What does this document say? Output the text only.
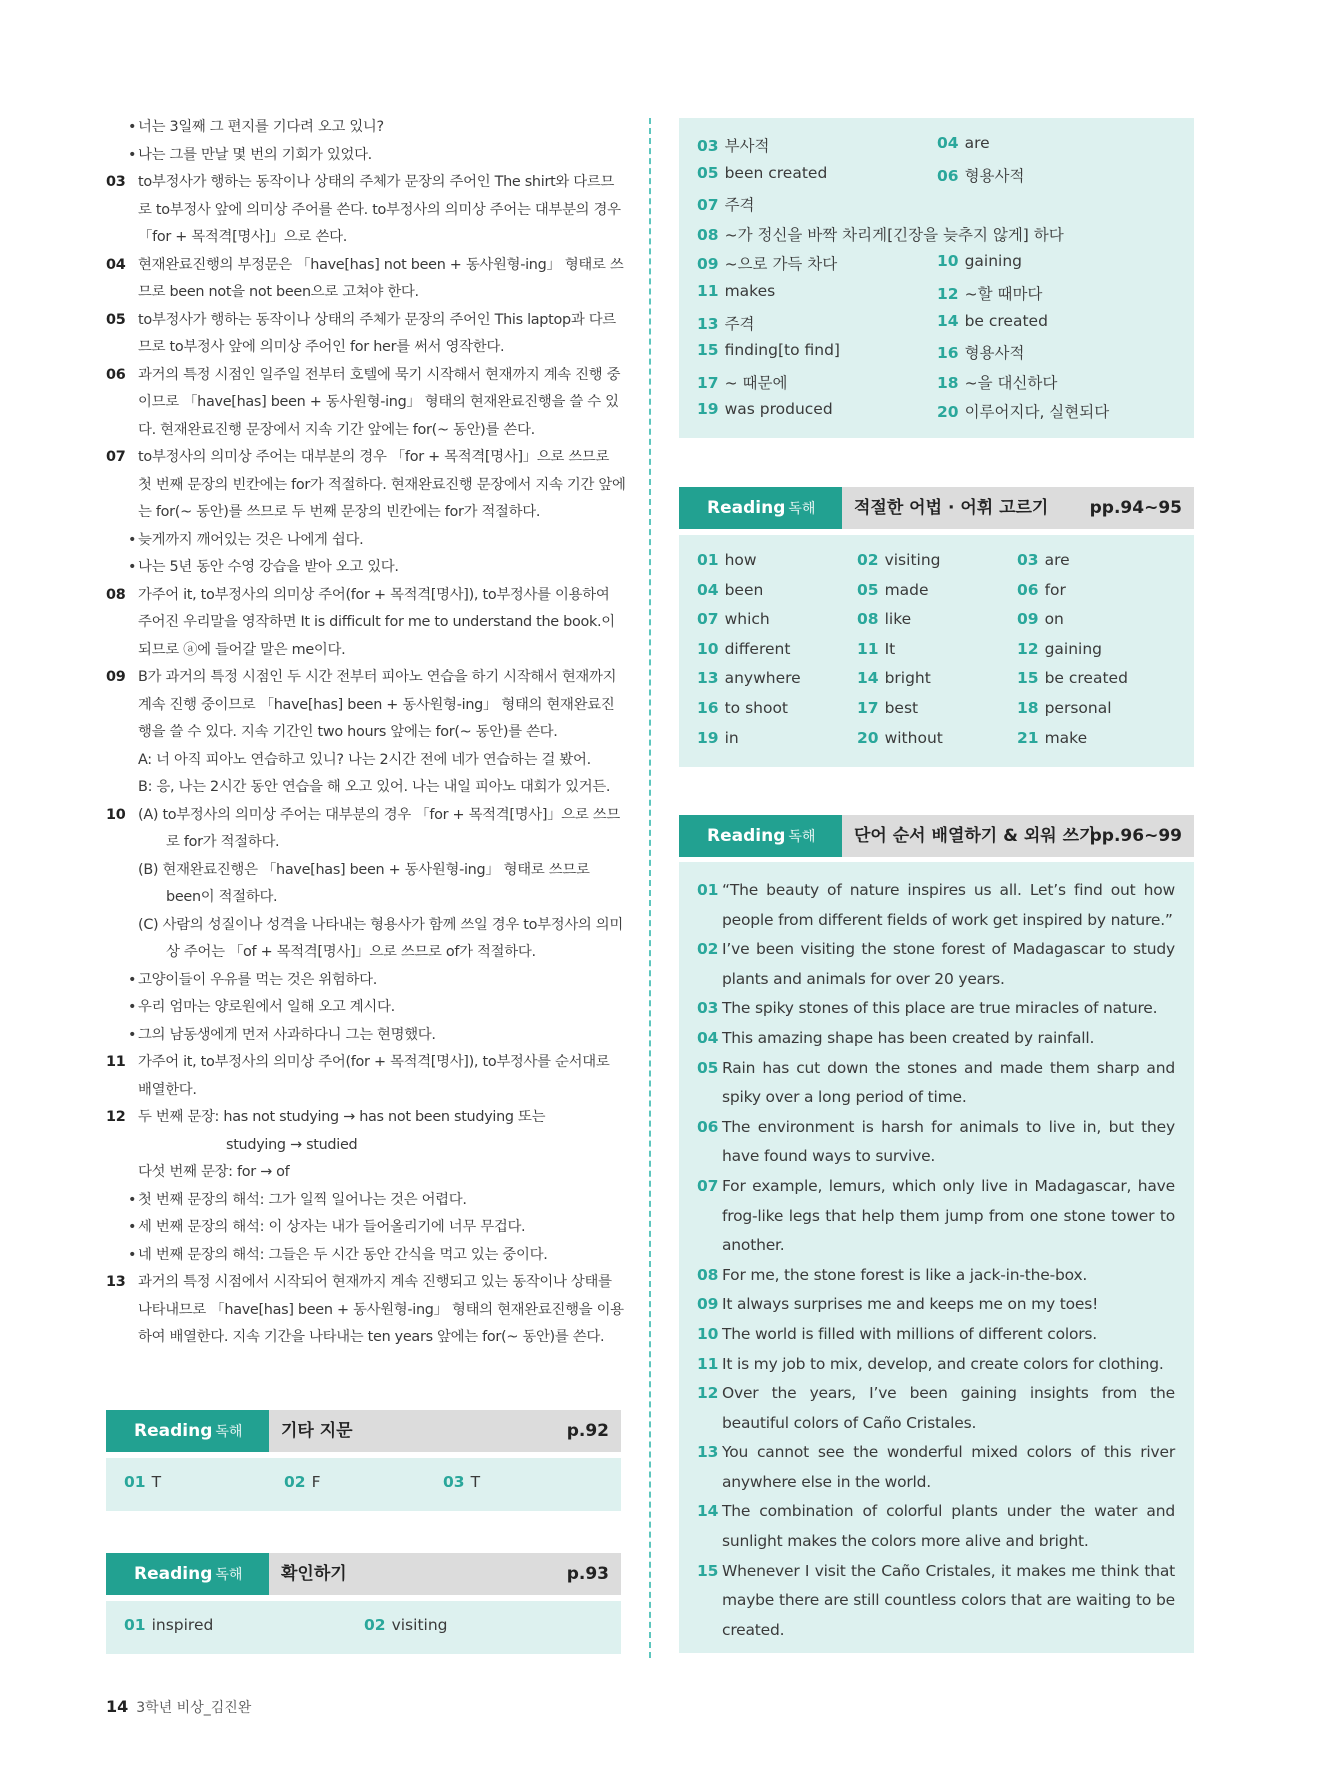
• 너는 3일째 그 편지를 기다려 오고 있니?
• 나는 그를 만날 몇 번의 기회가 있었다.
03 to부정사가 행하는 동작이나 상태의 주체가 문장의 주어인 The shirt와 다르므로 to부정사 앞에 의미상 주어를 쓴다. to부정사의 의미상 주어는 대부분의 경우 「for + 목적격[명사]」으로 쓴다.

04 현재완료진행의 부정문은 「have[has] not been + 동사원형-ing」 형태로 쓰므로 been not을 not been으로 고쳐야 한다.

05 to부정사가 행하는 동작이나 상태의 주체가 문장의 주어인 This laptop과 다르므로 to부정사 앞에 의미상 주어인 for her를 써서 영작한다.

06 과거의 특정 시점인 일주일 전부터 호텔에 묵기 시작해서 현재까지 계속 진행 중이므로 「have[has] been + 동사원형-ing」 형태의 현재완료진행을 쓸 수 있다. 현재완료진행 문장에서 지속 기간 앞에는 for(~ 동안)를 쓴다.

07 to부정사의 의미상 주어는 대부분의 경우 「for + 목적격[명사]」으로 쓰므로 첫 번째 문장의 빈칸에는 for가 적절하다. 현재완료진행 문장에서 지속 기간 앞에는 for(~ 동안)를 쓰므로 두 번째 문장의 빈칸에는 for가 적절하다.

• 늦게까지 깨어있는 것은 나에게 쉽다.
• 나는 5년 동안 수영 강습을 받아 오고 있다.
08 가주어 it, to부정사의 의미상 주어(for + 목적격[명사]), to부정사를 이용하여 주어진 우리말을 영작하면 It is difficult for me to understand the book.이 되므로 ⓐ에 들어갈 말은 me이다.

09 B가 과거의 특정 시점인 두 시간 전부터 피아노 연습을 하기 시작해서 현재까지 계속 진행 중이므로 「have[has] been + 동사원형-ing」 형태의 현재완료진행을 쓸 수 있다. 지속 기간인 two hours 앞에는 for(~ 동안)를 쓴다.

A: 너 아직 피아노 연습하고 있니? 나는 2시간 전에 네가 연습하는 걸 봤어.

B: 응, 나는 2시간 동안 연습을 해 오고 있어. 나는 내일 피아노 대회가 있거든.

10 (A) to부정사의 의미상 주어는 대부분의 경우 「for + 목적격[명사]」으로 쓰므로 for가 적절하다.

(B) 현재완료진행은 「have[has] been + 동사원형-ing」 형태로 쓰므로 been이 적절하다.

(C) 사람의 성질이나 성격을 나타내는 형용사가 함께 쓰일 경우 to부정사의 의미상 주어는 「of + 목적격[명사]」으로 쓰므로 of가 적절하다.

• 고양이들이 우유를 먹는 것은 위험하다.
• 우리 엄마는 양로원에서 일해 오고 계시다.
• 그의 남동생에게 먼저 사과하다니 그는 현명했다.
11 가주어 it, to부정사의 의미상 주어(for + 목적격[명사]), to부정사를 순서대로 배열한다.

12 두 번째 문장: has not studying → has not been studying 또는

studying → studied

다섯 번째 문장: for → of

• 첫 번째 문장의 해석: 그가 일찍 일어나는 것은 어렵다.
• 세 번째 문장의 해석: 이 상자는 내가 들어올리기에 너무 무겁다.
• 네 번째 문장의 해석: 그들은 두 시간 동안 간식을 먹고 있는 중이다.
13 과거의 특정 시점에서 시작되어 현재까지 계속 진행되고 있는 동작이나 상태를 나타내므로 「have[has] been + 동사원형-ing」 형태의 현재완료진행을 이용하여 배열한다. 지속 기간을 나타내는 ten years 앞에는 for(~ 동안)를 쓴다.

Reading 독해	기타 지문	p.92
01 T	02 F	03 T
Reading 독해	확인하기	p.93
01 inspired	02 visiting
03 부사적	04 are
05 been created	06 형용사적
07 주격
08 ~가 정신을 바짝 차리게[긴장을 늦추지 않게] 하다
09 ~으로 가득 차다	10 gaining
11 makes	12 ~할 때마다
13 주격	14 be created
15 finding[to find]	16 형용사적
17 ~ 때문에	18 ~을 대신하다
19 was produced	20 이루어지다, 실현되다
Reading 독해	적절한 어법 · 어휘 고르기 pp.94~95
01 how	02 visiting	03 are
04 been	05 made	06 for
07 which	08 like	09 on
10 different	11 It	12 gaining
13 anywhere	14 bright	15 be created
16 to shoot	17 best	18 personal
19 in	20 without	21 make
Reading 독해	단어 순서 배열하기 & 외워 쓰기
pp.96~99
01 “The beauty of nature inspires us all. Let’s find out how people from different fields of work get inspired by nature.”
02 I’ve been visiting the stone forest of Madagascar to study plants and animals for over 20 years.
03 The spiky stones of this place are true miracles of nature.
04 This amazing shape has been created by rainfall.
05 Rain has cut down the stones and made them sharp and spiky over a long period of time.
06 The environment is harsh for animals to live in, but they have found ways to survive.
07 For example, lemurs, which only live in Madagascar, have frog-like legs that help them jump from one stone tower to another.
08 For me, the stone forest is like a jack-in-the-box.
09 It always surprises me and keeps me on my toes!
10 The world is filled with millions of different colors.
11 It is my job to mix, develop, and create colors for clothing.
12 Over the years, I’ve been gaining insights from the beautiful colors of Caño Cristales.
13 You cannot see the wonderful mixed colors of this river anywhere else in the world.
14 The combination of colorful plants under the water and sunlight makes the colors more alive and bright.
15 Whenever I visit the Caño Cristales, it makes me think that maybe there are still countless colors that are waiting to be created.
14 3학년 비상_김진완
